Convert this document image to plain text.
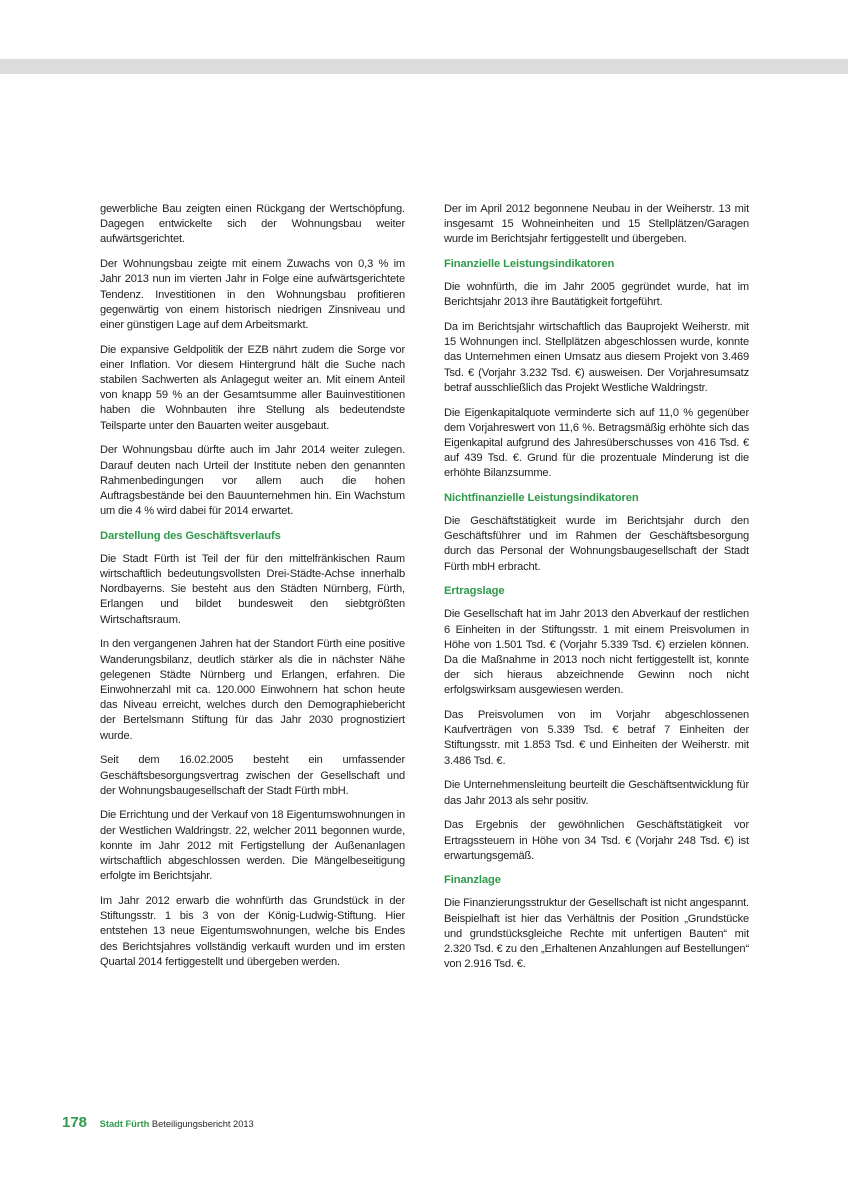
gewerbliche Bau zeigten einen Rückgang der Wertschöpfung. Dagegen entwickelte sich der Wohnungsbau weiter aufwärtsgerichtet.

Der Wohnungsbau zeigte mit einem Zuwachs von 0,3 % im Jahr 2013 nun im vierten Jahr in Folge eine aufwärtsgerichtete Tendenz. Investitionen in den Wohnungsbau profitieren gegenwärtig von einem historisch niedrigen Zinsniveau und einer günstigen Lage auf dem Arbeitsmarkt.

Die expansive Geldpolitik der EZB nährt zudem die Sorge vor einer Inflation. Vor diesem Hintergrund hält die Suche nach stabilen Sachwerten als Anlagegut weiter an. Mit einem Anteil von knapp 59 % an der Gesamtsumme aller Bauinvestitionen haben die Wohnbauten ihre Stellung als bedeutendste Teilsparte unter den Bauarten weiter ausgebaut.

Der Wohnungsbau dürfte auch im Jahr 2014 weiter zulegen. Darauf deuten nach Urteil der Institute neben den genannten Rahmenbedingungen vor allem auch die hohen Auftragsbestände bei den Bauunternehmen hin. Ein Wachstum um die 4 % wird dabei für 2014 erwartet.

Darstellung des Geschäftsverlaufs

Die Stadt Fürth ist Teil der für den mittelfränkischen Raum wirtschaftlich bedeutungsvollsten Drei-Städte-Achse innerhalb Nordbayerns. Sie besteht aus den Städten Nürnberg, Fürth, Erlangen und bildet bundesweit den siebtgrößten Wirtschaftsraum.

In den vergangenen Jahren hat der Standort Fürth eine positive Wanderungsbilanz, deutlich stärker als die in nächster Nähe gelegenen Städte Nürnberg und Erlangen, erfahren. Die Einwohnerzahl mit ca. 120.000 Einwohnern hat schon heute das Niveau erreicht, welches durch den Demographiebericht der Bertelsmann Stiftung für das Jahr 2030 prognostiziert wurde.

Seit dem 16.02.2005 besteht ein umfassender Geschäftsbesorgungsvertrag zwischen der Gesellschaft und der Wohnungsbaugesellschaft der Stadt Fürth mbH.

Die Errichtung und der Verkauf von 18 Eigentumswohnungen in der Westlichen Waldringstr. 22, welcher 2011 begonnen wurde, konnte im Jahr 2012 mit Fertigstellung der Außenanlagen wirtschaftlich abgeschlossen werden. Die Mängelbeseitigung erfolgte im Berichtsjahr.

Im Jahr 2012 erwarb die wohnfürth das Grundstück in der Stiftungsstr. 1 bis 3 von der König-Ludwig-Stiftung. Hier entstehen 13 neue Eigentumswohnungen, welche bis Endes des Berichtsjahres vollständig verkauft wurden und im ersten Quartal 2014 fertiggestellt und übergeben werden.

Der im April 2012 begonnene Neubau in der Weiherstr. 13 mit insgesamt 15 Wohneinheiten und 15 Stellplätzen/Garagen wurde im Berichtsjahr fertiggestellt und übergeben.

Finanzielle Leistungsindikatoren

Die wohnfürth, die im Jahr 2005 gegründet wurde, hat im Berichtsjahr 2013 ihre Bautätigkeit fortgeführt.

Da im Berichtsjahr wirtschaftlich das Bauprojekt Weiherstr. mit 15 Wohnungen incl. Stellplätzen abgeschlossen wurde, konnte das Unternehmen einen Umsatz aus diesem Projekt von 3.469 Tsd. € (Vorjahr 3.232 Tsd. €) ausweisen. Der Vorjahresumsatz betraf ausschließlich das Projekt Westliche Waldringstr.

Die Eigenkapitalquote verminderte sich auf 11,0 % gegenüber dem Vorjahreswert von 11,6 %. Betragsmäßig erhöhte sich das Eigenkapital aufgrund des Jahresüberschusses von 416 Tsd. € auf 439 Tsd. €. Grund für die prozentuale Minderung ist die erhöhte Bilanzsumme.

Nichtfinanzielle Leistungsindikatoren

Die Geschäftstätigkeit wurde im Berichtsjahr durch den Geschäftsführer und im Rahmen der Geschäftsbesorgung durch das Personal der Wohnungsbaugesellschaft der Stadt Fürth mbH erbracht.

Ertragslage

Die Gesellschaft hat im Jahr 2013 den Abverkauf der restlichen 6 Einheiten in der Stiftungsstr. 1 mit einem Preisvolumen in Höhe von 1.501 Tsd. € (Vorjahr 5.339 Tsd. €) erzielen können. Da die Maßnahme in 2013 noch nicht fertiggestellt ist, konnte der sich hieraus abzeichnende Gewinn noch nicht erfolgswirksam ausgewiesen werden.

Das Preisvolumen von im Vorjahr abgeschlossenen Kaufverträgen von 5.339 Tsd. € betraf 7 Einheiten der Stiftungsstr. mit 1.853 Tsd. € und Einheiten der Weiherstr. mit 3.486 Tsd. €.

Die Unternehmensleitung beurteilt die Geschäftsentwicklung für das Jahr 2013 als sehr positiv.

Das Ergebnis der gewöhnlichen Geschäftstätigkeit vor Ertragssteuern in Höhe von 34 Tsd. € (Vorjahr 248 Tsd. €) ist erwartungsgemäß.

Finanzlage

Die Finanzierungsstruktur der Gesellschaft ist nicht angespannt. Beispielhaft ist hier das Verhältnis der Position „Grundstücke und grundstücksgleiche Rechte mit unfertigen Bauten“ mit 2.320 Tsd. € zu den „Erhaltenen Anzahlungen auf Bestellungen“ von 2.916 Tsd. €.

178 Stadt Fürth Beteiligungsbericht 2013
